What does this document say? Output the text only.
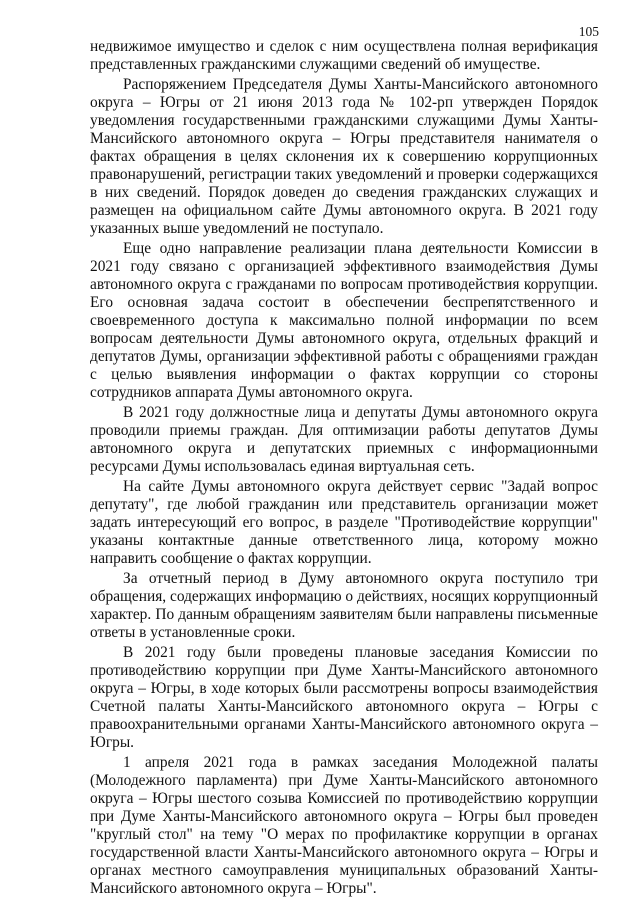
105

недвижимое имущество и сделок с ним осуществлена полная верификация представленных гражданскими служащими сведений об имуществе.

Распоряжением Председателя Думы Ханты-Мансийского автономного округа – Югры от 21 июня 2013 года № 102-рп утвержден Порядок уведомления государственными гражданскими служащими Думы Ханты-Мансийского автономного округа – Югры представителя нанимателя о фактах обращения в целях склонения их к совершению коррупционных правонарушений, регистрации таких уведомлений и проверки содержащихся в них сведений. Порядок доведен до сведения гражданских служащих и размещен на официальном сайте Думы автономного округа. В 2021 году указанных выше уведомлений не поступало.

Еще одно направление реализации плана деятельности Комиссии в 2021 году связано с организацией эффективного взаимодействия Думы автономного округа с гражданами по вопросам противодействия коррупции. Его основная задача состоит в обеспечении беспрепятственного и своевременного доступа к максимально полной информации по всем вопросам деятельности Думы автономного округа, отдельных фракций и депутатов Думы, организации эффективной работы с обращениями граждан с целью выявления информации о фактах коррупции со стороны сотрудников аппарата Думы автономного округа.

В 2021 году должностные лица и депутаты Думы автономного округа проводили приемы граждан. Для оптимизации работы депутатов Думы автономного округа и депутатских приемных с информационными ресурсами Думы использовалась единая виртуальная сеть.

На сайте Думы автономного округа действует сервис "Задай вопрос депутату", где любой гражданин или представитель организации может задать интересующий его вопрос, в разделе "Противодействие коррупции" указаны контактные данные ответственного лица, которому можно направить сообщение о фактах коррупции.

За отчетный период в Думу автономного округа поступило три обращения, содержащих информацию о действиях, носящих коррупционный характер. По данным обращениям заявителям были направлены письменные ответы в установленные сроки.

В 2021 году были проведены плановые заседания Комиссии по противодействию коррупции при Думе Ханты-Мансийского автономного округа – Югры, в ходе которых были рассмотрены вопросы взаимодействия Счетной палаты Ханты-Мансийского автономного округа – Югры с правоохранительными органами Ханты-Мансийского автономного округа – Югры.

1 апреля 2021 года в рамках заседания Молодежной палаты (Молодежного парламента) при Думе Ханты-Мансийского автономного округа – Югры шестого созыва Комиссией по противодействию коррупции при Думе Ханты-Мансийского автономного округа – Югры был проведен "круглый стол" на тему "О мерах по профилактике коррупции в органах государственной власти Ханты-Мансийского автономного округа – Югры и органах местного самоуправления муниципальных образований Ханты-Мансийского автономного округа – Югры".
